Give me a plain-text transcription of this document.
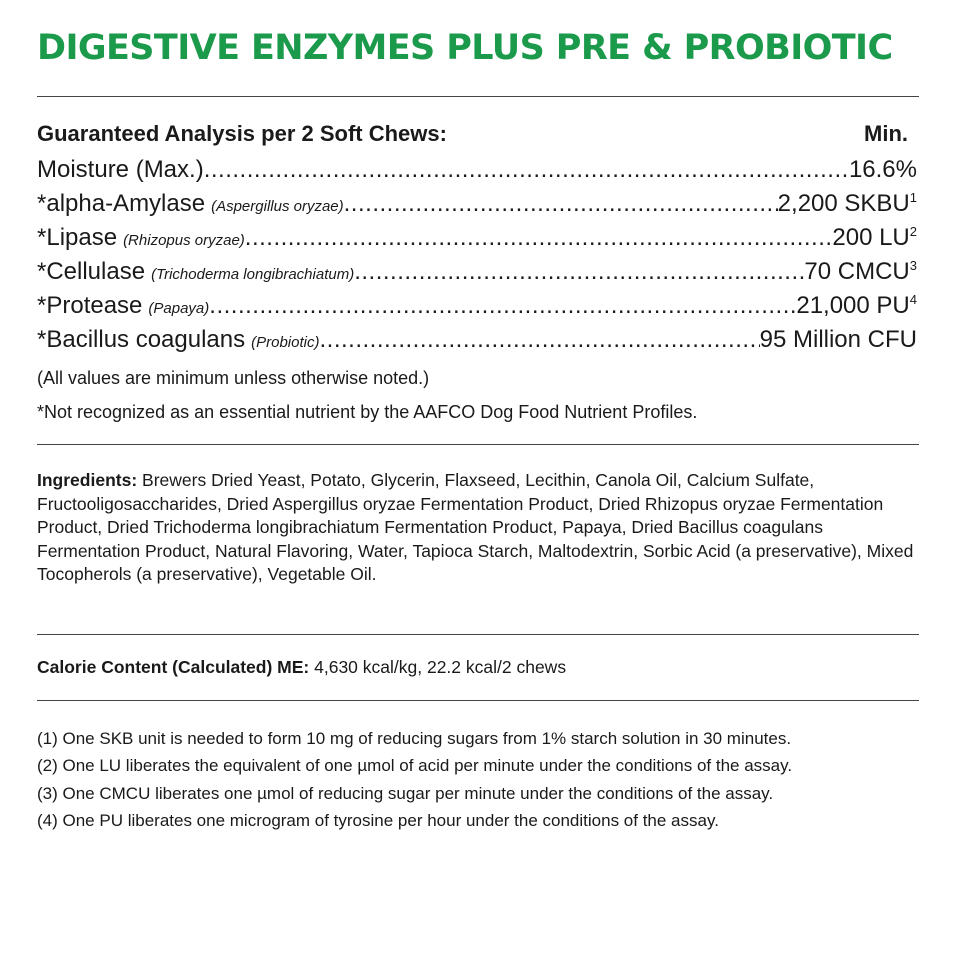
DIGESTIVE ENZYMES PLUS PRE & PROBIOTIC
Guaranteed Analysis per 2 Soft Chews:	Min.
Moisture (Max.) .....	16.6%
*alpha-Amylase (Aspergillus oryzae) .....	2,200 SKBU$^1$
*Lipase (Rhizopus oryzae) .....	200 $LU^2$
*Cellulase (Trichoderma longibrachiatum) .....	70 CMCU$^3$
*Protease (Papaya) .....	21,000 $PU^4$
*Bacillus coagulans (Probiotic) .....	95 Million CFU
(All values are minimum unless otherwise noted.)
*Not recognized as an essential nutrient by the AAFCO Dog Food Nutrient Profiles.
Ingredients: Brewers Dried Yeast, Potato, Glycerin, Flaxseed, Lecithin, Canola Oil, Calcium Sulfate, Fructooligosaccharides, Dried Aspergillus oryzae Fermentation Product, Dried Rhizopus oryzae Fermentation Product, Dried Trichoderma longibrachiatum Fermentation Product, Papaya, Dried Bacillus coagulans Fermentation Product, Natural Flavoring, Water, Tapioca Starch, Maltodextrin, Sorbic Acid (a preservative), Mixed Tocopherols (a preservative), Vegetable Oil.
Calorie Content (Calculated) ME: 4,630 kcal/kg, 22.2 kcal/2 chews
(1) One SKB unit is needed to form 10 mg of reducing sugars from 1% starch solution in 30 minutes.
(2) One LU liberates the equivalent of one µmol of acid per minute under the conditions of the assay.
(3) One CMCU liberates one µmol of reducing sugar per minute under the conditions of the assay.
(4) One PU liberates one microgram of tyrosine per hour under the conditions of the assay.
